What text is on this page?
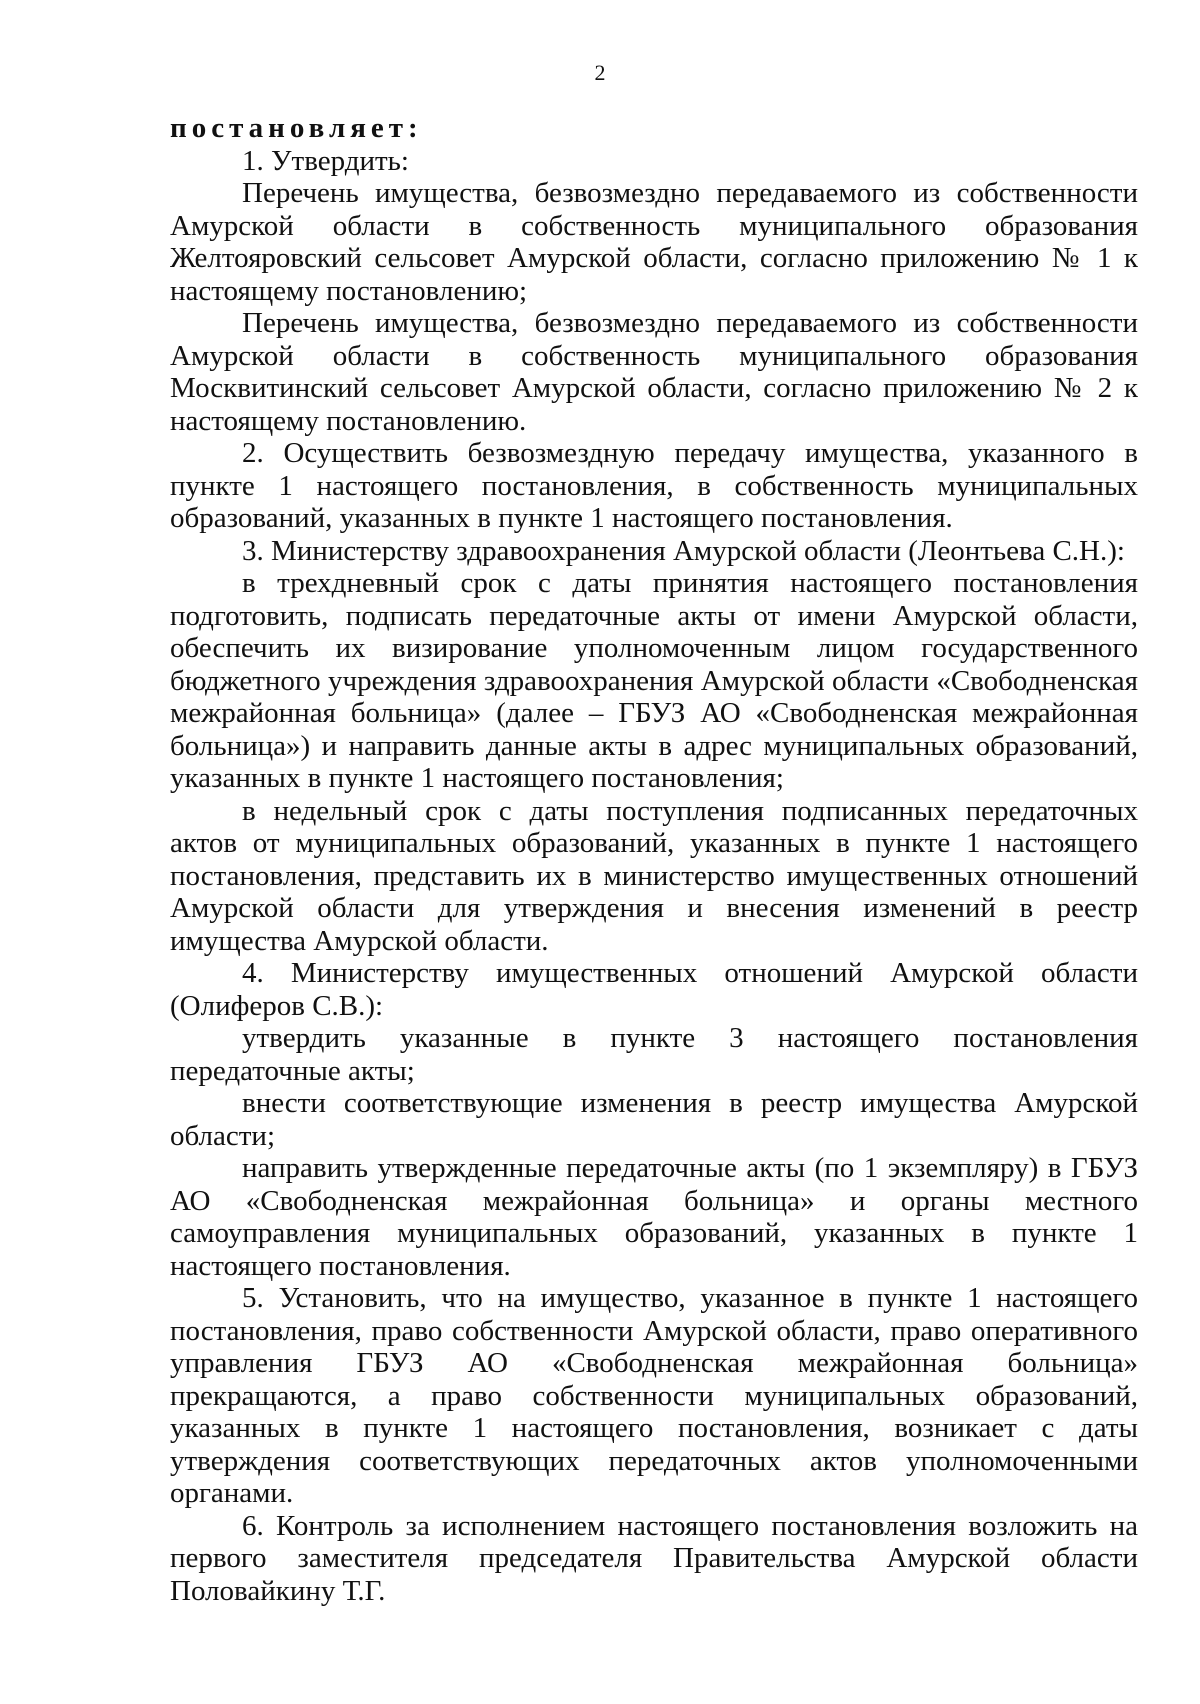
2

постановляет:

1. Утвердить:

Перечень имущества, безвозмездно передаваемого из собственности Амурской области в собственность муниципального образования Желтояровский сельсовет Амурской области, согласно приложению № 1 к настоящему постановлению;

Перечень имущества, безвозмездно передаваемого из собственности Амурской области в собственность муниципального образования Москвитинский сельсовет Амурской области, согласно приложению № 2 к настоящему постановлению.

2. Осуществить безвозмездную передачу имущества, указанного в пункте 1 настоящего постановления, в собственность муниципальных образований, указанных в пункте 1 настоящего постановления.

3. Министерству здравоохранения Амурской области (Леонтьева С.Н.):

в трехдневный срок с даты принятия настоящего постановления подготовить, подписать передаточные акты от имени Амурской области, обеспечить их визирование уполномоченным лицом государственного бюджетного учреждения здравоохранения Амурской области «Свободненская межрайонная больница» (далее – ГБУЗ АО «Свободненская межрайонная больница») и направить данные акты в адрес муниципальных образований, указанных в пункте 1 настоящего постановления;

в недельный срок с даты поступления подписанных передаточных актов от муниципальных образований, указанных в пункте 1 настоящего постановления, представить их в министерство имущественных отношений Амурской области для утверждения и внесения изменений в реестр имущества Амурской области.

4. Министерству имущественных отношений Амурской области (Олиферов С.В.):

утвердить указанные в пункте 3 настоящего постановления передаточные акты;

внести соответствующие изменения в реестр имущества Амурской области;

направить утвержденные передаточные акты (по 1 экземпляру) в ГБУЗ АО «Свободненская межрайонная больница» и органы местного самоуправления муниципальных образований, указанных в пункте 1 настоящего постановления.

5. Установить, что на имущество, указанное в пункте 1 настоящего постановления, право собственности Амурской области, право оперативного управления ГБУЗ АО «Свободненская межрайонная больница» прекращаются, а право собственности муниципальных образований, указанных в пункте 1 настоящего постановления, возникает с даты утверждения соответствующих передаточных актов уполномоченными органами.

6. Контроль за исполнением настоящего постановления возложить на первого заместителя председателя Правительства Амурской области Половайкину Т.Г.
